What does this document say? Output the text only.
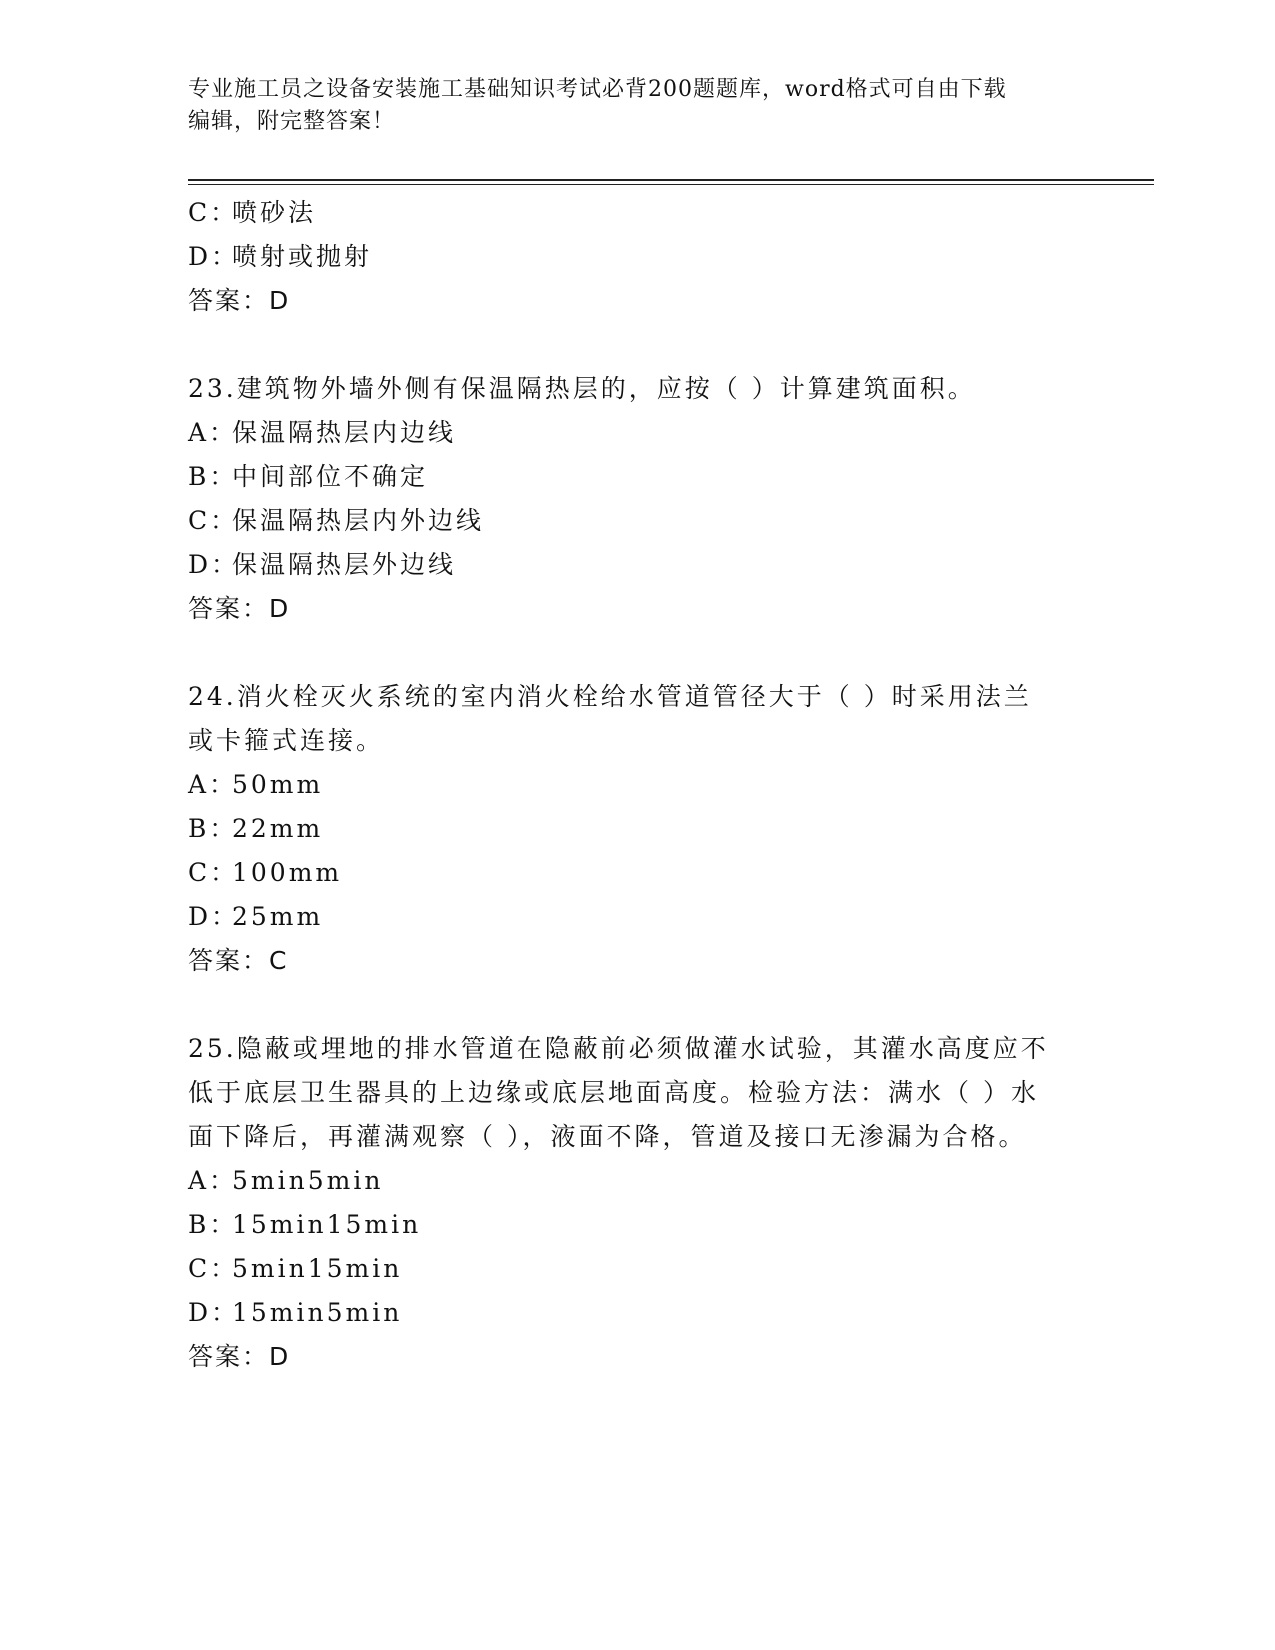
专业施工员之设备安装施工基础知识考试必背200题题库，word格式可自由下载
编辑，附完整答案！
C：喷砂法
D：喷射或抛射
答案：D
23.建筑物外墙外侧有保温隔热层的，应按（ ）计算建筑面积。
A：保温隔热层内边线
B：中间部位不确定
C：保温隔热层内外边线
D：保温隔热层外边线
答案：D
24.消火栓灭火系统的室内消火栓给水管道管径大于（ ）时采用法兰
或卡箍式连接。
A：50mm
B：22mm
C：100mm
D：25mm
答案：C
25.隐蔽或埋地的排水管道在隐蔽前必须做灌水试验，其灌水高度应不
低于底层卫生器具的上边缘或底层地面高度。检验方法：满水（ ）水
面下降后，再灌满观察（ ），液面不降，管道及接口无渗漏为合格。
A：5min5min
B：15min15min
C：5min15min
D：15min5min
答案：D
